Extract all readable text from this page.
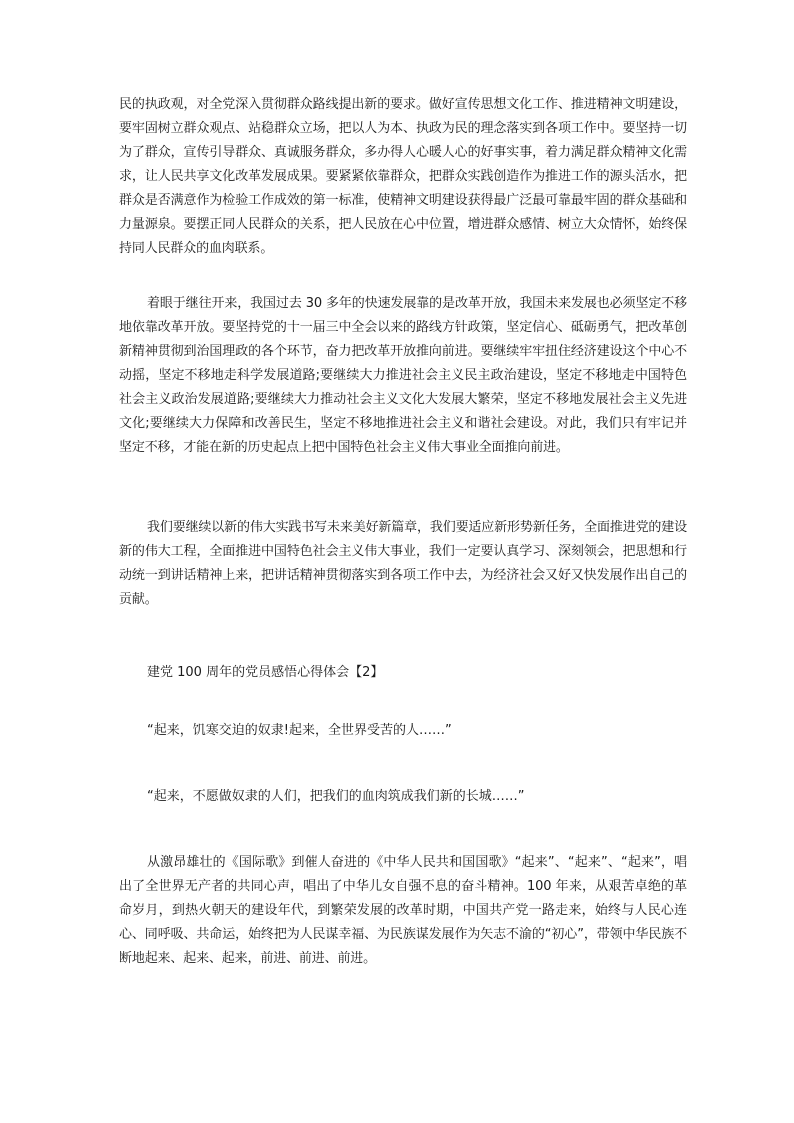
民的执政观，对全党深入贯彻群众路线提出新的要求。做好宣传思想文化工作、推进精神文明建设，要牢固树立群众观点、站稳群众立场，把以人为本、执政为民的理念落实到各项工作中。要坚持一切为了群众，宣传引导群众、真诚服务群众，多办得人心暖人心的好事实事，着力满足群众精神文化需求，让人民共享文化改革发展成果。要紧紧依靠群众，把群众实践创造作为推进工作的源头活水，把群众是否满意作为检验工作成效的第一标准，使精神文明建设获得最广泛最可靠最牢固的群众基础和力量源泉。要摆正同人民群众的关系，把人民放在心中位置，增进群众感情、树立大众情怀，始终保持同人民群众的血肉联系。

着眼于继往开来，我国过去 30 多年的快速发展靠的是改革开放，我国未来发展也必须坚定不移地依靠改革开放。要坚持党的十一届三中全会以来的路线方针政策，坚定信心、砥砺勇气，把改革创新精神贯彻到治国理政的各个环节，奋力把改革开放推向前进。要继续牢牢扭住经济建设这个中心不动摇，坚定不移地走科学发展道路;要继续大力推进社会主义民主政治建设，坚定不移地走中国特色社会主义政治发展道路;要继续大力推动社会主义文化大发展大繁荣，坚定不移地发展社会主义先进文化;要继续大力保障和改善民生，坚定不移地推进社会主义和谐社会建设。对此，我们只有牢记并坚定不移，才能在新的历史起点上把中国特色社会主义伟大事业全面推向前进。

我们要继续以新的伟大实践书写未来美好新篇章，我们要适应新形势新任务，全面推进党的建设新的伟大工程，全面推进中国特色社会主义伟大事业，我们一定要认真学习、深刻领会，把思想和行动统一到讲话精神上来，把讲话精神贯彻落实到各项工作中去，为经济社会又好又快发展作出自己的贡献。

建党 100 周年的党员感悟心得体会【2】

“起来，饥寒交迫的奴隶!起来，全世界受苦的人……”

“起来，不愿做奴隶的人们，把我们的血肉筑成我们新的长城……”

从激昂雄壮的《国际歌》到催人奋进的《中华人民共和国国歌》“起来”、“起来”、“起来”，唱出了全世界无产者的共同心声，唱出了中华儿女自强不息的奋斗精神。100 年来，从艰苦卓绝的革命岁月，到热火朝天的建设年代，到繁荣发展的改革时期，中国共产党一路走来，始终与人民心连心、同呼吸、共命运，始终把为人民谋幸福、为民族谋发展作为矢志不渝的“初心”，带领中华民族不断地起来、起来、起来，前进、前进、前进。
